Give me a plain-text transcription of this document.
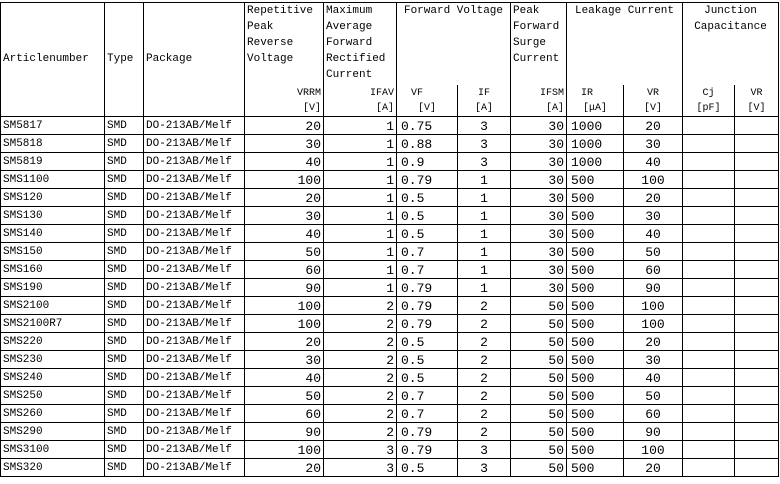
Articlenumber	Type	Package	Repetitive Peak Reverse Voltage	Maximum Average Forward Rectified Current	Forward Voltage		Peak Forward Surge Current	Leakage Current		Junction Capacitance	
			VRRM	IFAV	VF	IF	IFSM	IR	VR	Cj	VR
			[V]	[A]	[V]	[A]	[A]	[μA]	[V]	[pF]	[V]
SM5817	SMD	DO-213AB/Melf	20	1	0.75	3	30	1000	20		
SM5818	SMD	DO-213AB/Melf	30	1	0.88	3	30	1000	30		
SM5819	SMD	DO-213AB/Melf	40	1	0.9	3	30	1000	40		
SMS1100	SMD	DO-213AB/Melf	100	1	0.79	1	30	500	100		
SMS120	SMD	DO-213AB/Melf	20	1	0.5	1	30	500	20		
SMS130	SMD	DO-213AB/Melf	30	1	0.5	1	30	500	30		
SMS140	SMD	DO-213AB/Melf	40	1	0.5	1	30	500	40		
SMS150	SMD	DO-213AB/Melf	50	1	0.7	1	30	500	50		
SMS160	SMD	DO-213AB/Melf	60	1	0.7	1	30	500	60		
SMS190	SMD	DO-213AB/Melf	90	1	0.79	1	30	500	90		
SMS2100	SMD	DO-213AB/Melf	100	2	0.79	2	50	500	100		
SMS2100R7	SMD	DO-213AB/Melf	100	2	0.79	2	50	500	100		
SMS220	SMD	DO-213AB/Melf	20	2	0.5	2	50	500	20		
SMS230	SMD	DO-213AB/Melf	30	2	0.5	2	50	500	30		
SMS240	SMD	DO-213AB/Melf	40	2	0.5	2	50	500	40		
SMS250	SMD	DO-213AB/Melf	50	2	0.7	2	50	500	50		
SMS260	SMD	DO-213AB/Melf	60	2	0.7	2	50	500	60		
SMS290	SMD	DO-213AB/Melf	90	2	0.79	2	50	500	90		
SMS3100	SMD	DO-213AB/Melf	100	3	0.79	3	50	500	100		
SMS320	SMD	DO-213AB/Melf	20	3	0.5	3	50	500	20		
